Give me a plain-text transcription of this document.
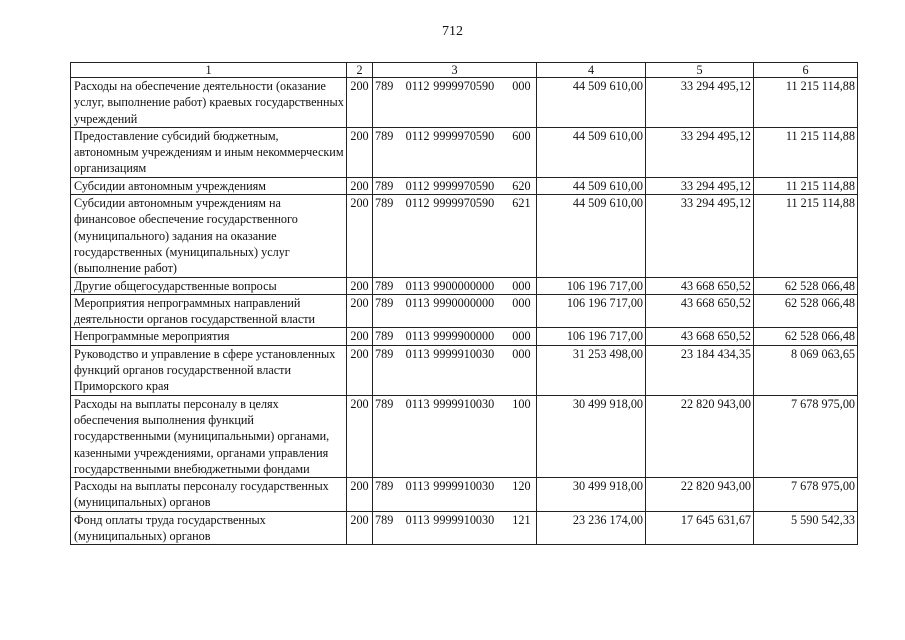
712
1	2	3	4	5	6
Расходы на обеспечение деятельности (оказание услуг, выполнение работ) краевых государственных учреждений	200	789 0112 9999970590 000	44 509 610,00	33 294 495,12	11 215 114,88
Предоставление субсидий бюджетным, автономным учреждениям и иным некоммерческим организациям	200	789 0112 9999970590 600	44 509 610,00	33 294 495,12	11 215 114,88
Субсидии автономным учреждениям	200	789 0112 9999970590 620	44 509 610,00	33 294 495,12	11 215 114,88
Субсидии автономным учреждениям на финансовое обеспечение государственного (муниципального) задания на оказание государственных (муниципальных) услуг (выполнение работ)	200	789 0112 9999970590 621	44 509 610,00	33 294 495,12	11 215 114,88
Другие общегосударственные вопросы	200	789 0113 9900000000 000	106 196 717,00	43 668 650,52	62 528 066,48
Мероприятия непрограммных направлений деятельности органов государственной власти	200	789 0113 9990000000 000	106 196 717,00	43 668 650,52	62 528 066,48
Непрограммные мероприятия	200	789 0113 9999900000 000	106 196 717,00	43 668 650,52	62 528 066,48
Руководство и управление в сфере установленных функций органов государственной власти Приморского края	200	789 0113 9999910030 000	31 253 498,00	23 184 434,35	8 069 063,65
Расходы на выплаты персоналу в целях обеспечения выполнения функций государственными (муниципальными) органами, казенными учреждениями, органами управления государственными внебюджетными фондами	200	789 0113 9999910030 100	30 499 918,00	22 820 943,00	7 678 975,00
Расходы на выплаты персоналу государственных (муниципальных) органов	200	789 0113 9999910030 120	30 499 918,00	22 820 943,00	7 678 975,00
Фонд оплаты труда государственных (муниципальных) органов	200	789 0113 9999910030 121	23 236 174,00	17 645 631,67	5 590 542,33
